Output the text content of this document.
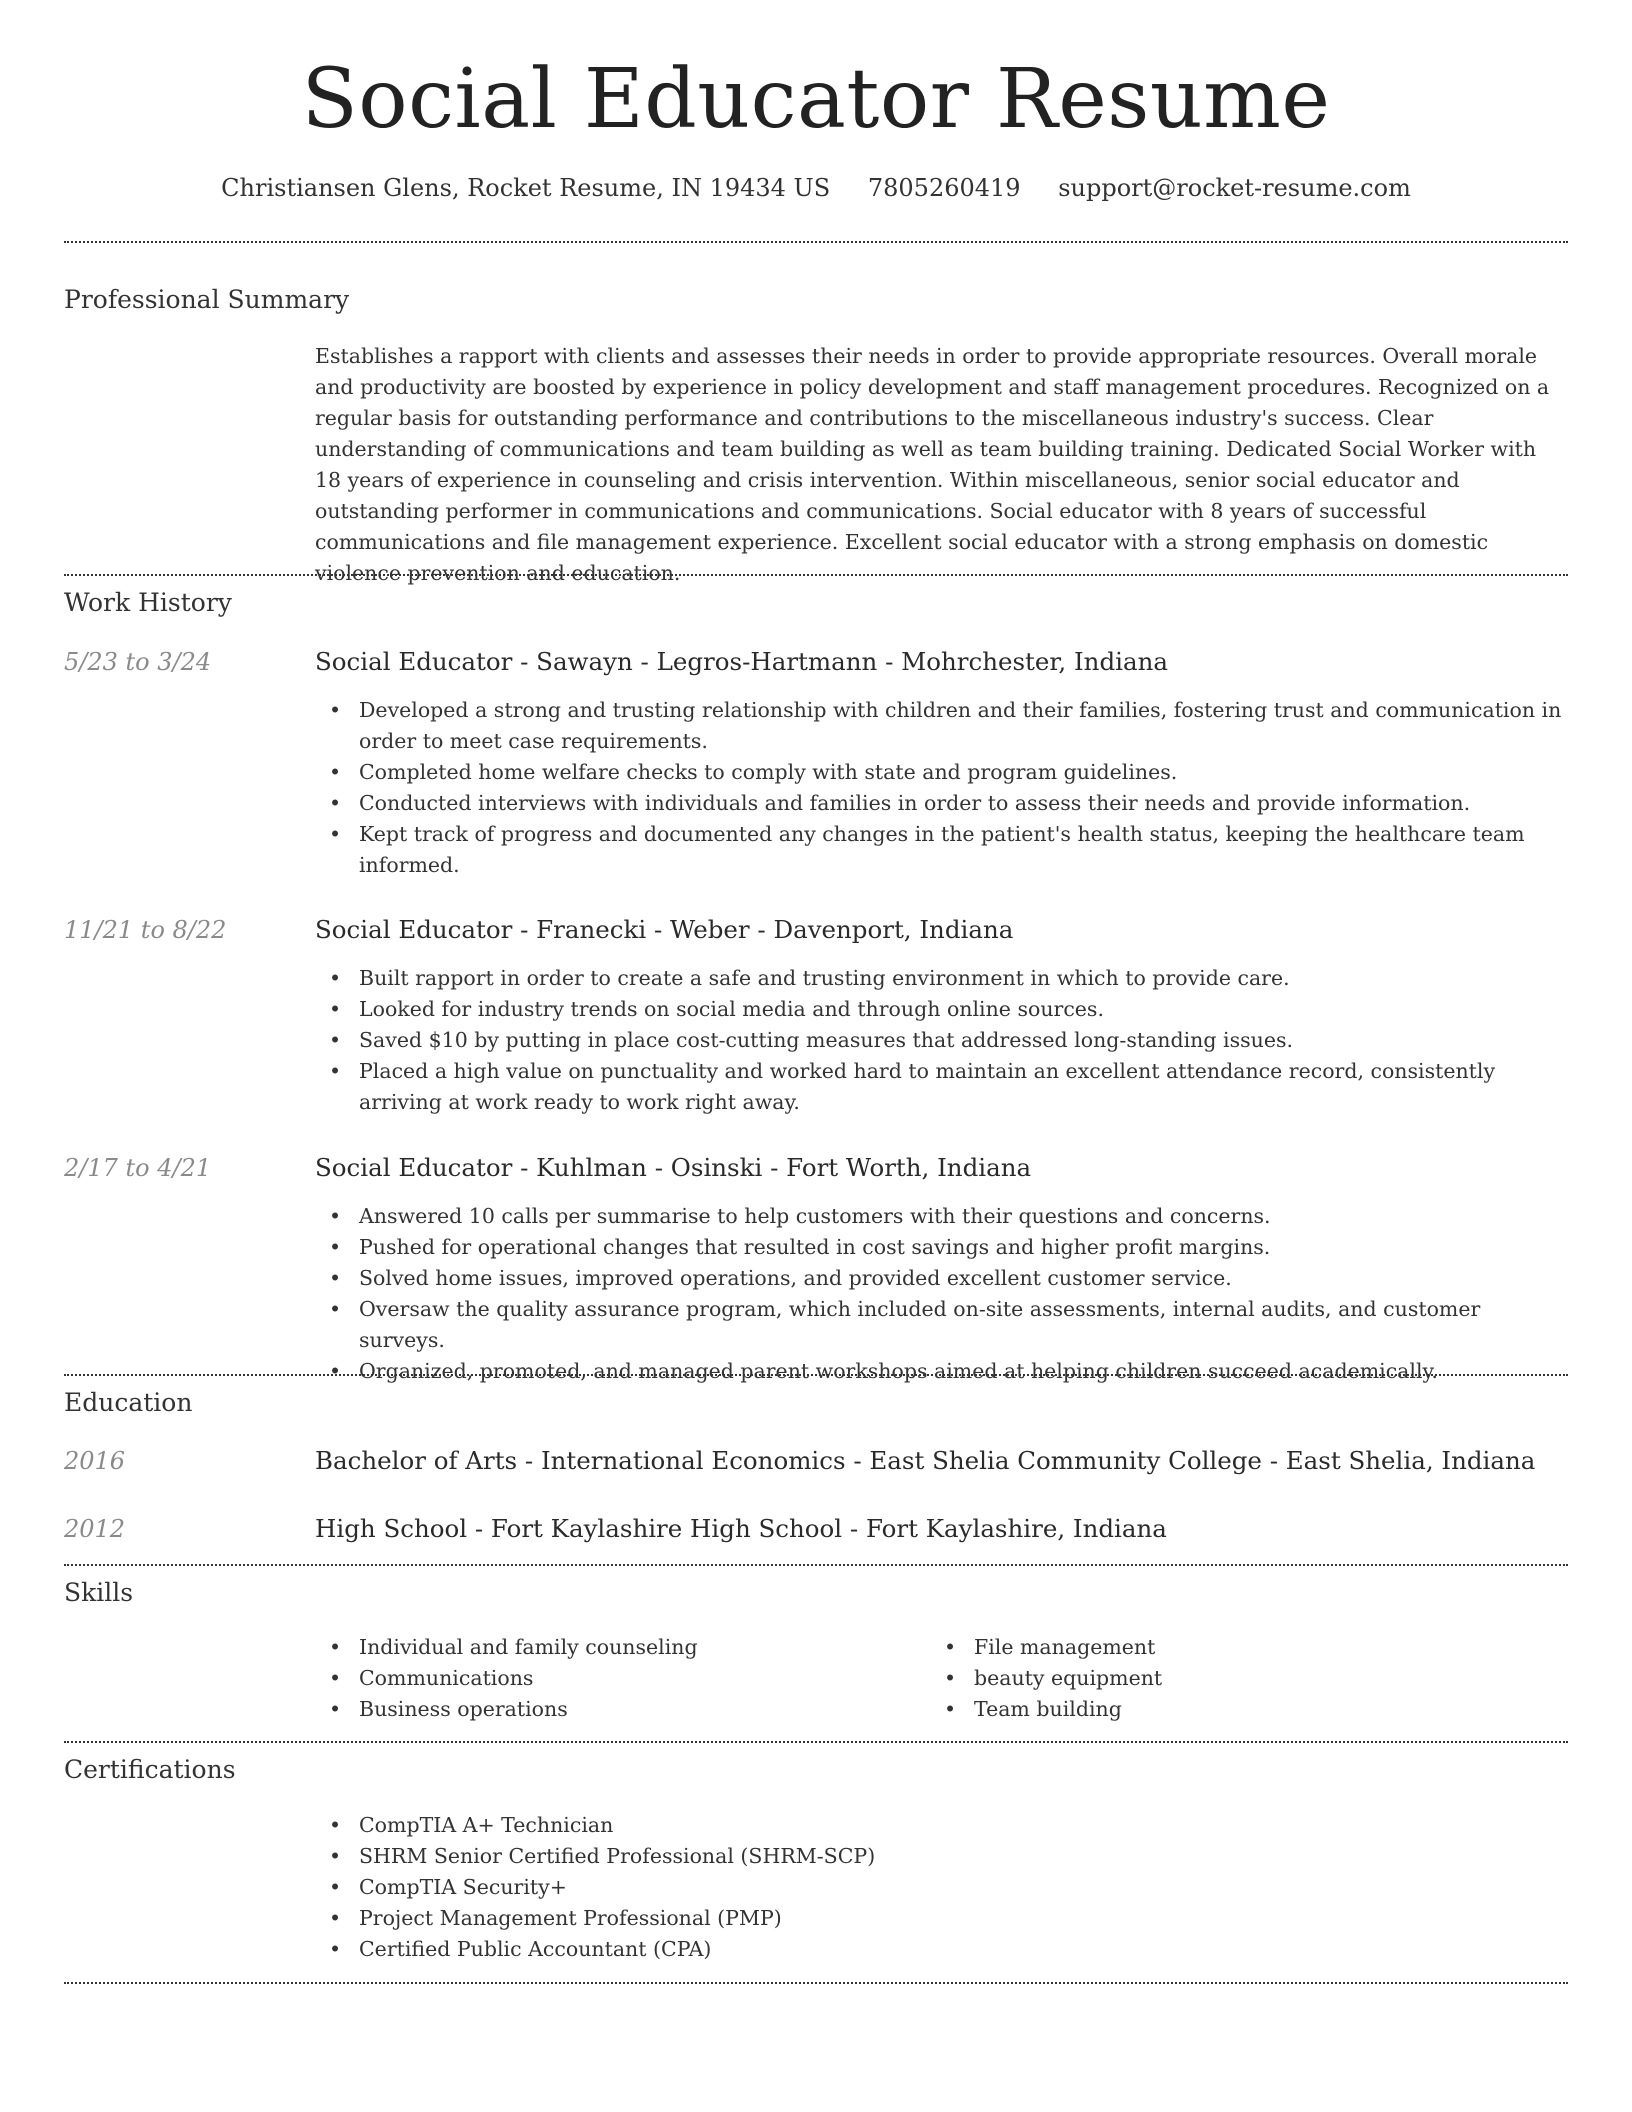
Social Educator Resume
Christiansen Glens, Rocket Resume, IN 19434 US 7805260419 support@rocket-resume.com
Professional Summary
Establishes a rapport with clients and assesses their needs in order to provide appropriate resources. Overall morale and productivity are boosted by experience in policy development and staff management procedures. Recognized on a regular basis for outstanding performance and contributions to the miscellaneous industry's success. Clear understanding of communications and team building as well as team building training. Dedicated Social Worker with 18 years of experience in counseling and crisis intervention. Within miscellaneous, senior social educator and outstanding performer in communications and communications. Social educator with 8 years of successful communications and file management experience. Excellent social educator with a strong emphasis on domestic violence prevention and education.
Work History
5/23 to 3/24	Social Educator - Sawayn - Legros-Hartmann - Mohrchester, Indiana
• Developed a strong and trusting relationship with children and their families, fostering trust and communication in order to meet case requirements.
• Completed home welfare checks to comply with state and program guidelines.
• Conducted interviews with individuals and families in order to assess their needs and provide information.
• Kept track of progress and documented any changes in the patient's health status, keeping the healthcare team informed.
11/21 to 8/22	Social Educator - Franecki - Weber - Davenport, Indiana
• Built rapport in order to create a safe and trusting environment in which to provide care.
• Looked for industry trends on social media and through online sources.
• Saved $10 by putting in place cost-cutting measures that addressed long-standing issues.
• Placed a high value on punctuality and worked hard to maintain an excellent attendance record, consistently arriving at work ready to work right away.
2/17 to 4/21	Social Educator - Kuhlman - Osinski - Fort Worth, Indiana
• Answered 10 calls per summarise to help customers with their questions and concerns.
• Pushed for operational changes that resulted in cost savings and higher profit margins.
• Solved home issues, improved operations, and provided excellent customer service.
• Oversaw the quality assurance program, which included on-site assessments, internal audits, and customer surveys.
• Organized, promoted, and managed parent workshops aimed at helping children succeed academically.
Education
2016	Bachelor of Arts - International Economics - East Shelia Community College - East Shelia, Indiana
2012	High School - Fort Kaylashire High School - Fort Kaylashire, Indiana
Skills
• Individual and family counseling
• Communications
• Business operations
• File management
• beauty equipment
• Team building
Certifications
• CompTIA A+ Technician
• SHRM Senior Certified Professional (SHRM-SCP)
• CompTIA Security+
• Project Management Professional (PMP)
• Certified Public Accountant (CPA)
